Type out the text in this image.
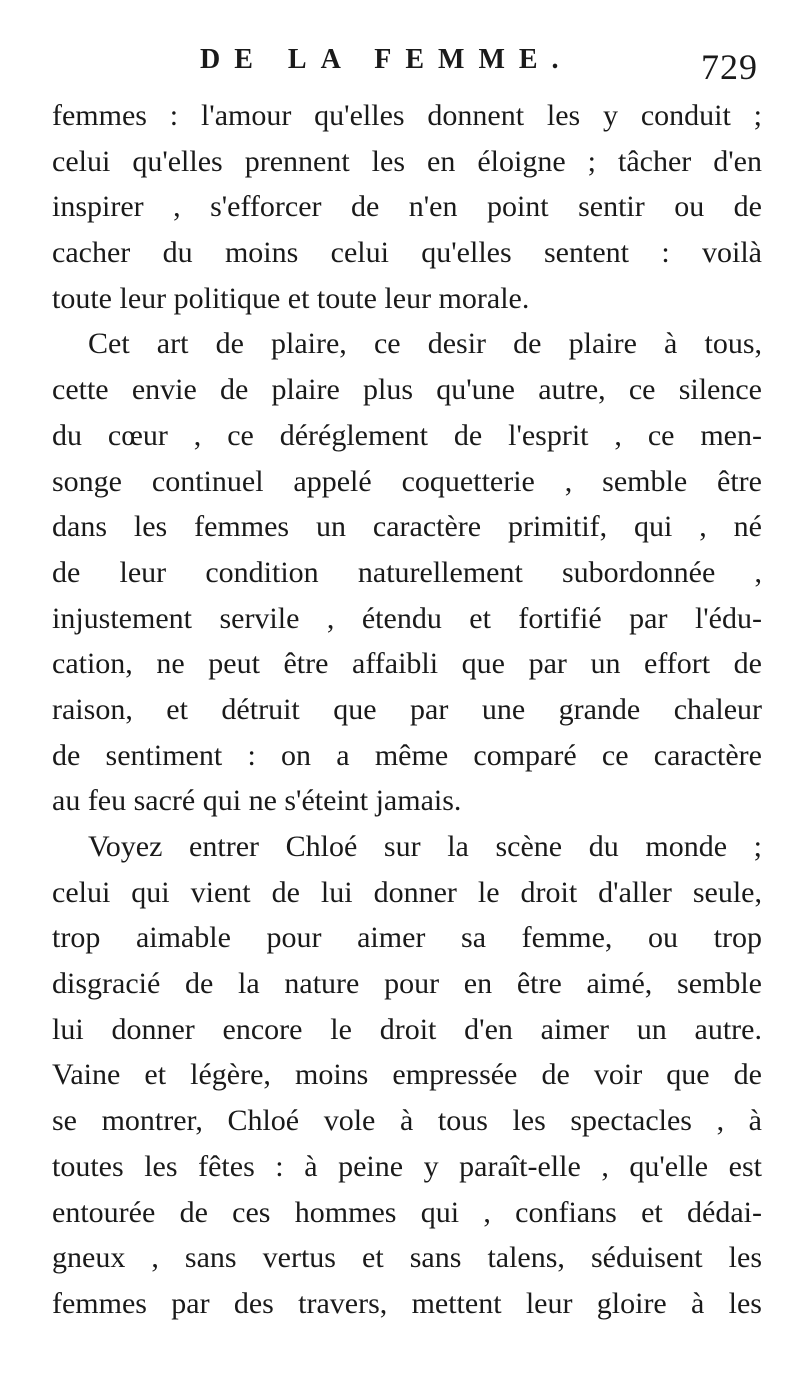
DE LA FEMME.	729
femmes : l'amour qu'elles donnent les y conduit ;
celui qu'elles prennent les en éloigne ; tâcher d'en
inspirer , s'efforcer de n'en point sentir ou de
cacher du moins celui qu'elles sentent : voilà
toute leur politique et toute leur morale.
Cet art de plaire, ce desir de plaire à tous,
cette envie de plaire plus qu'une autre, ce silence
du cœur , ce déréglement de l'esprit , ce men-
songe continuel appelé coquetterie , semble être
dans les femmes un caractère primitif, qui , né
de leur condition naturellement subordonnée ,
injustement servile , étendu et fortifié par l'édu-
cation, ne peut être affaibli que par un effort de
raison, et détruit que par une grande chaleur
de sentiment : on a même comparé ce caractère
au feu sacré qui ne s'éteint jamais.
Voyez entrer Chloé sur la scène du monde ;
celui qui vient de lui donner le droit d'aller seule,
trop aimable pour aimer sa femme, ou trop
disgracié de la nature pour en être aimé, semble
lui donner encore le droit d'en aimer un autre.
Vaine et légère, moins empressée de voir que de
se montrer, Chloé vole à tous les spectacles , à
toutes les fêtes : à peine y paraît-elle , qu'elle est
entourée de ces hommes qui , confians et dédai-
gneux , sans vertus et sans talens, séduisent les
femmes par des travers, mettent leur gloire à les
